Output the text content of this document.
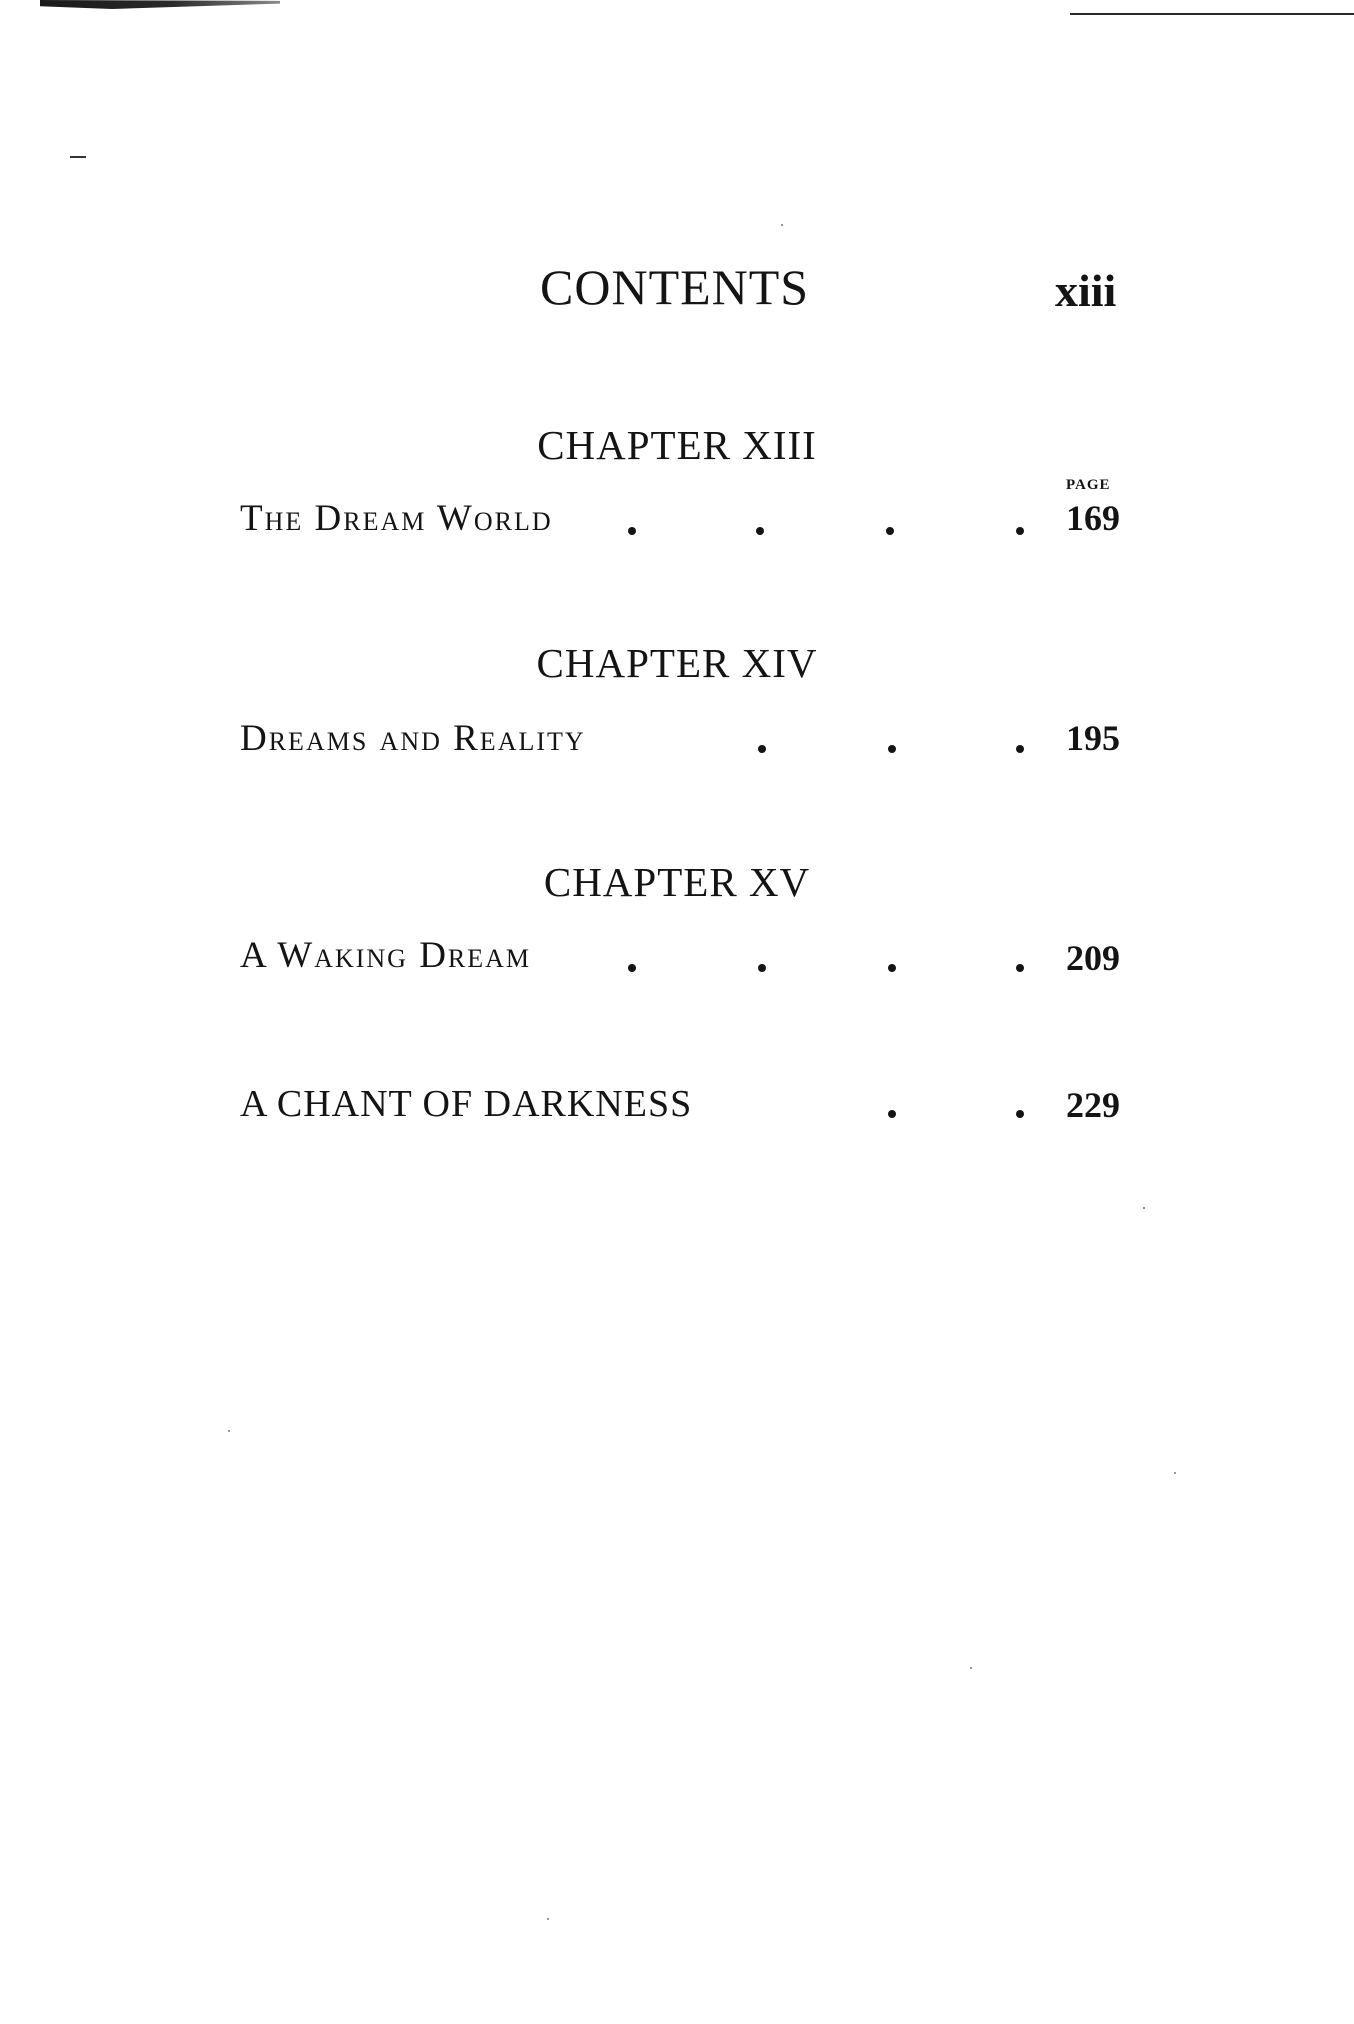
CONTENTS	xiii
CHAPTER XIII
PAGE
The Dream World	169
CHAPTER XIV
Dreams and Reality	195
CHAPTER XV
A Waking Dream	209
A CHANT OF DARKNESS	229
